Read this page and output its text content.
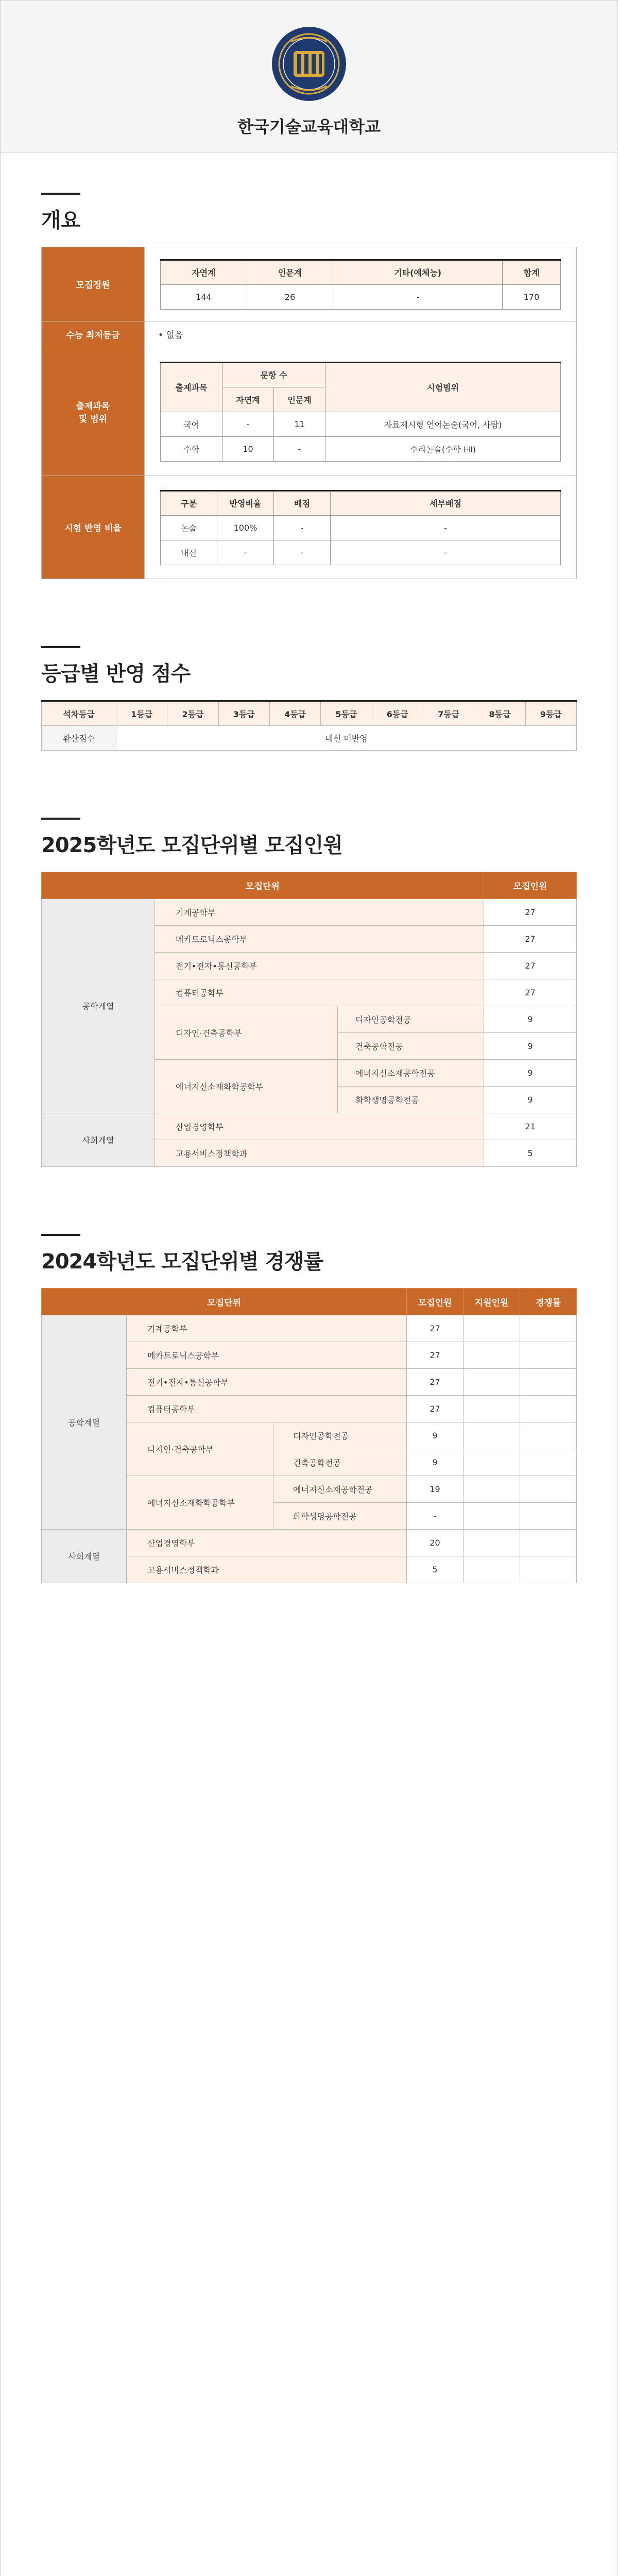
한국기술교육대학교
개요
모집정원	
자연계	인문계	기타(예체능)	합계
144	26	-	170

수능 최저등급	• 없음

출제과목
및 범위

출제과목	문항 수	시험범위
자연계	인문계
국어	-	11	자료제시형 언어논술(국어, 사탐)
수학	10	-	수리논술(수학 Ⅰ·Ⅱ)

시험 반영 비율	
구분	반영비율	배점	세부배점
논술	100%	-	-
내신	-	-	-
등급별 반영 점수
석차등급	1등급	2등급	3등급	4등급	5등급	6등급	7등급	8등급	9등급
환산점수	내신 미반영								
2025학년도 모집단위별 모집인원
모집단위			모집인원
공학계열	기계공학부		27
	메카트로닉스공학부		27
	전기•전자•통신공학부		27
	컴퓨터공학부		27
	디자인·건축공학부	디자인공학전공	9
		건축공학전공	9
	에너지신소재화학공학부	에너지신소재공학전공	9
		화학생명공학전공	9
사회계열	산업경영학부		21
	고용서비스정책학과		5
2024학년도 모집단위별 경쟁률
모집단위			모집인원	지원인원	경쟁률
공학계열	기계공학부		27		
	메카트로닉스공학부		27		
	전기•전자•통신공학부		27		
	컴퓨터공학부		27		
	디자인·건축공학부	디자인공학전공	9		
		건축공학전공	9		
	에너지신소재화학공학부	에너지신소재공학전공	19		
		화학생명공학전공	-		
사회계열	산업경영학부		20		
	고용서비스정책학과		5		
